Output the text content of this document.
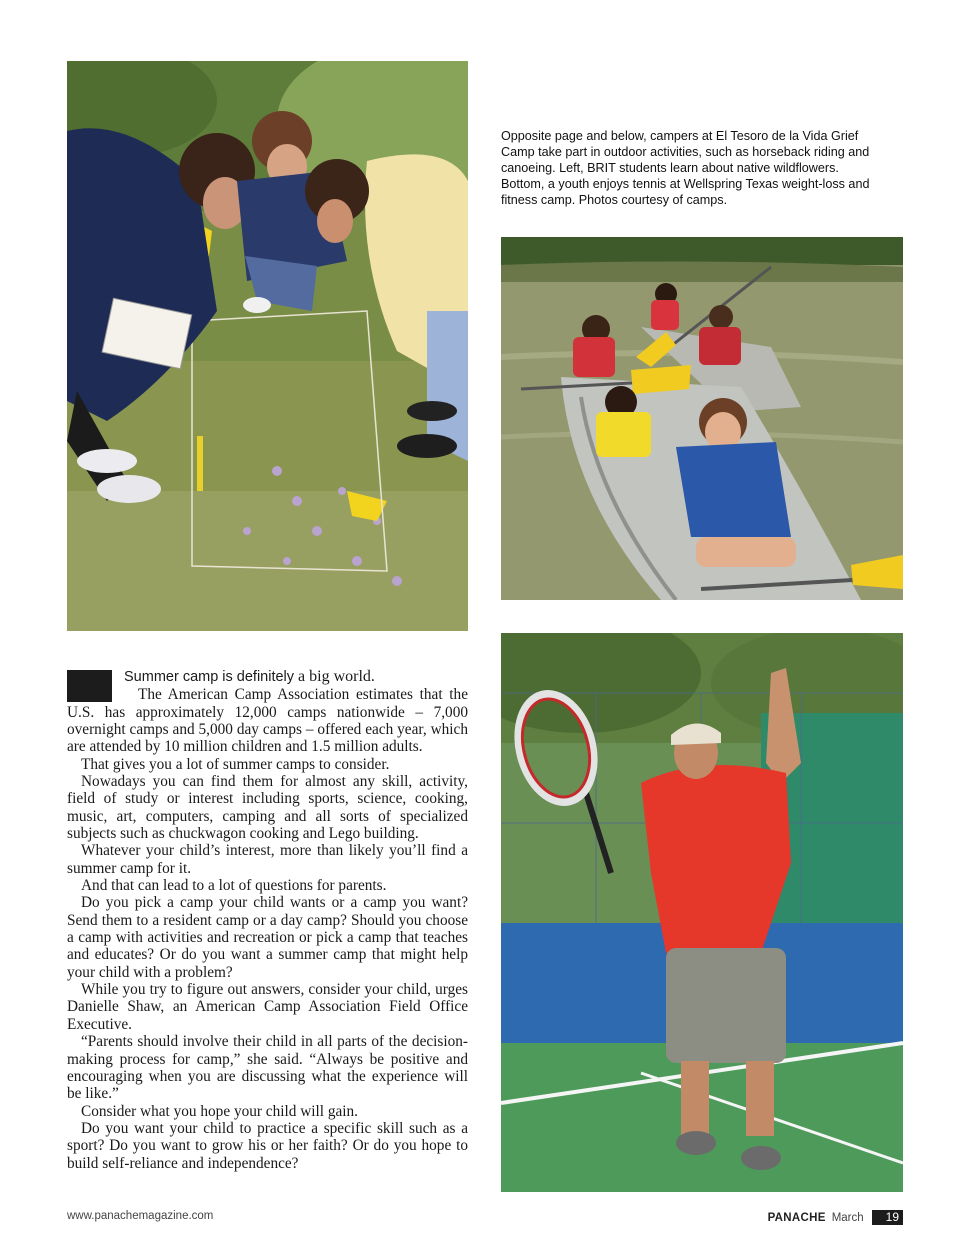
Opposite page and below, campers at El Tesoro de la Vida Grief Camp take part in outdoor activities, such as horseback riding and canoeing. Left, BRIT students learn about native wildflowers. Bottom, a youth enjoys tennis at Wellspring Texas weight-loss and fitness camp. Photos courtesy of camps.
Summer camp is definitely a big world.

The American Camp Association estimates that the U.S. has approximately 12,000 camps nationwide – 7,000 overnight camps and 5,000 day camps – offered each year, which are attended by 10 million children and 1.5 million adults.

That gives you a lot of summer camps to consider.

Nowadays you can find them for almost any skill, activity, field of study or interest including sports, science, cooking, music, art, computers, camping and all sorts of specialized subjects such as chuckwagon cooking and Lego building.

Whatever your child’s interest, more than likely you’ll find a summer camp for it.

And that can lead to a lot of questions for parents.

Do you pick a camp your child wants or a camp you want? Send them to a resident camp or a day camp? Should you choose a camp with activities and recreation or pick a camp that teaches and educates? Or do you want a summer camp that might help your child with a problem?

While you try to figure out answers, consider your child, urges Danielle Shaw, an American Camp Association Field Office Executive.

“Parents should involve their child in all parts of the decision-making process for camp,” she said. “Always be positive and encouraging when you are discussing what the experience will be like.”

Consider what you hope your child will gain.

Do you want your child to practice a specific skill such as a sport? Do you want to grow his or her faith? Or do you hope to build self-reliance and independence?

www.panachemagazine.com	PANACHE March	19
